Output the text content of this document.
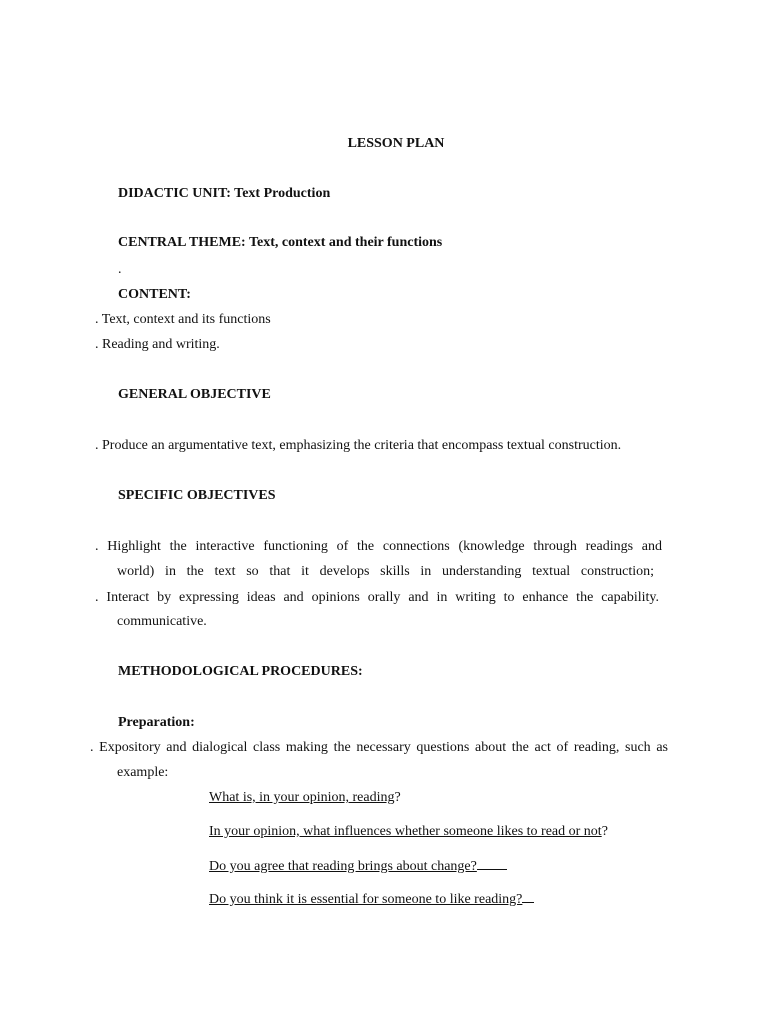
LESSON PLAN
DIDACTIC UNIT: Text Production
CENTRAL THEME: Text, context and their functions
.
CONTENT:
. Text, context and its functions
. Reading and writing.
GENERAL OBJECTIVE
. Produce an argumentative text, emphasizing the criteria that encompass textual construction.
SPECIFIC OBJECTIVES
. Highlight the interactive functioning of the connections (knowledge through readings and
world) in the text so that it develops skills in understanding textual construction;
. Interact by expressing ideas and opinions orally and in writing to enhance the capability.
communicative.
METHODOLOGICAL PROCEDURES:
Preparation:
. Expository and dialogical class making the necessary questions about the act of reading, such as
example:
What is, in your opinion, reading?
In your opinion, what influences whether someone likes to read or not?
Do you agree that reading brings about change?
Do you think it is essential for someone to like reading?
